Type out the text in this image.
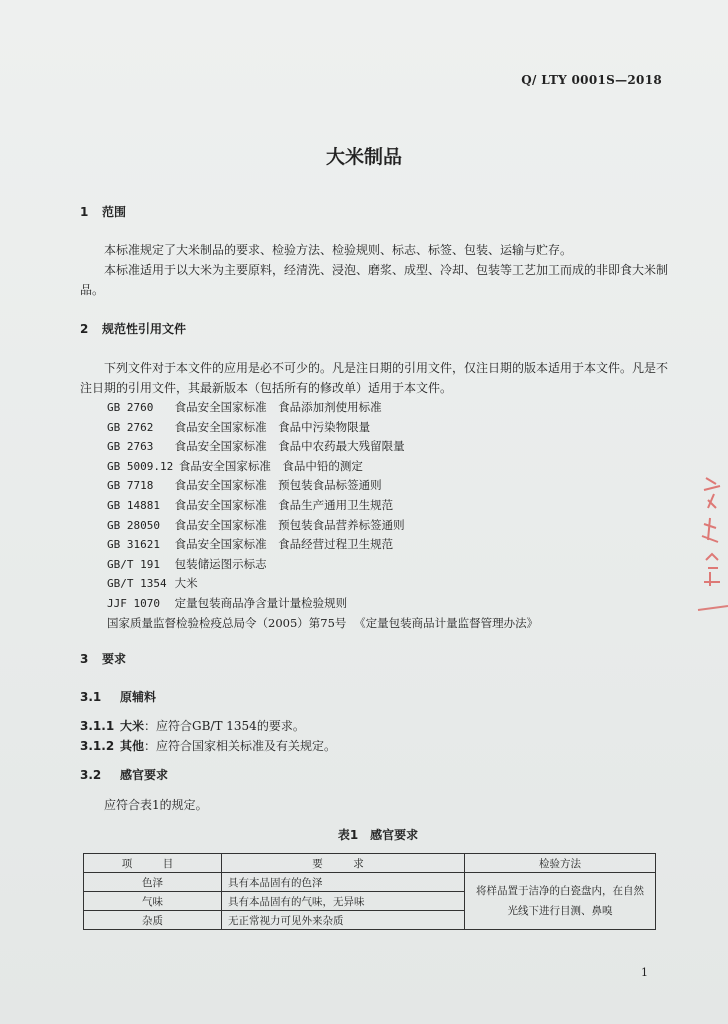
Q/ LTY 0001S—2018
大米制品
1 范围
本标准规定了大米制品的要求、检验方法、检验规则、标志、标签、包装、运输与贮存。
本标准适用于以大米为主要原料，经清洗、浸泡、磨浆、成型、冷却、包装等工艺加工而成的非即食大米制品。
2 规范性引用文件
下列文件对于本文件的应用是必不可少的。凡是注日期的引用文件，仅注日期的版本适用于本文件。凡是不注日期的引用文件，其最新版本（包括所有的修改单）适用于本文件。
GB 2760 食品安全国家标准　食品添加剂使用标准
GB 2762 食品安全国家标准　食品中污染物限量
GB 2763 食品安全国家标准　食品中农药最大残留限量
GB 5009.12 食品安全国家标准　食品中铅的测定
GB 7718 食品安全国家标准　预包装食品标签通则
GB 14881 食品安全国家标准　食品生产通用卫生规范
GB 28050 食品安全国家标准　预包装食品营养标签通则
GB 31621 食品安全国家标准　食品经营过程卫生规范
GB/T 191 包装储运图示标志
GB/T 1354 大米
JJF 1070 定量包装商品净含量计量检验规则
国家质量监督检验检疫总局令（2005）第75号　 《定量包装商品计量监督管理办法》
3 要求
3.1 原辅料
3.1.1 大米：应符合GB/T 1354的要求。
3.1.2 其他：应符合国家相关标准及有关规定。
3.2 感官要求
应符合表1的规定。
表1　感官要求
项　目	要　求	检验方法
色泽	具有本品固有的色泽	将样品置于洁净的白瓷盘内，在自然光线下进行目测、鼻嗅
气味	具有本品固有的气味，无异味	
杂质	无正常视力可见外来杂质	
1
